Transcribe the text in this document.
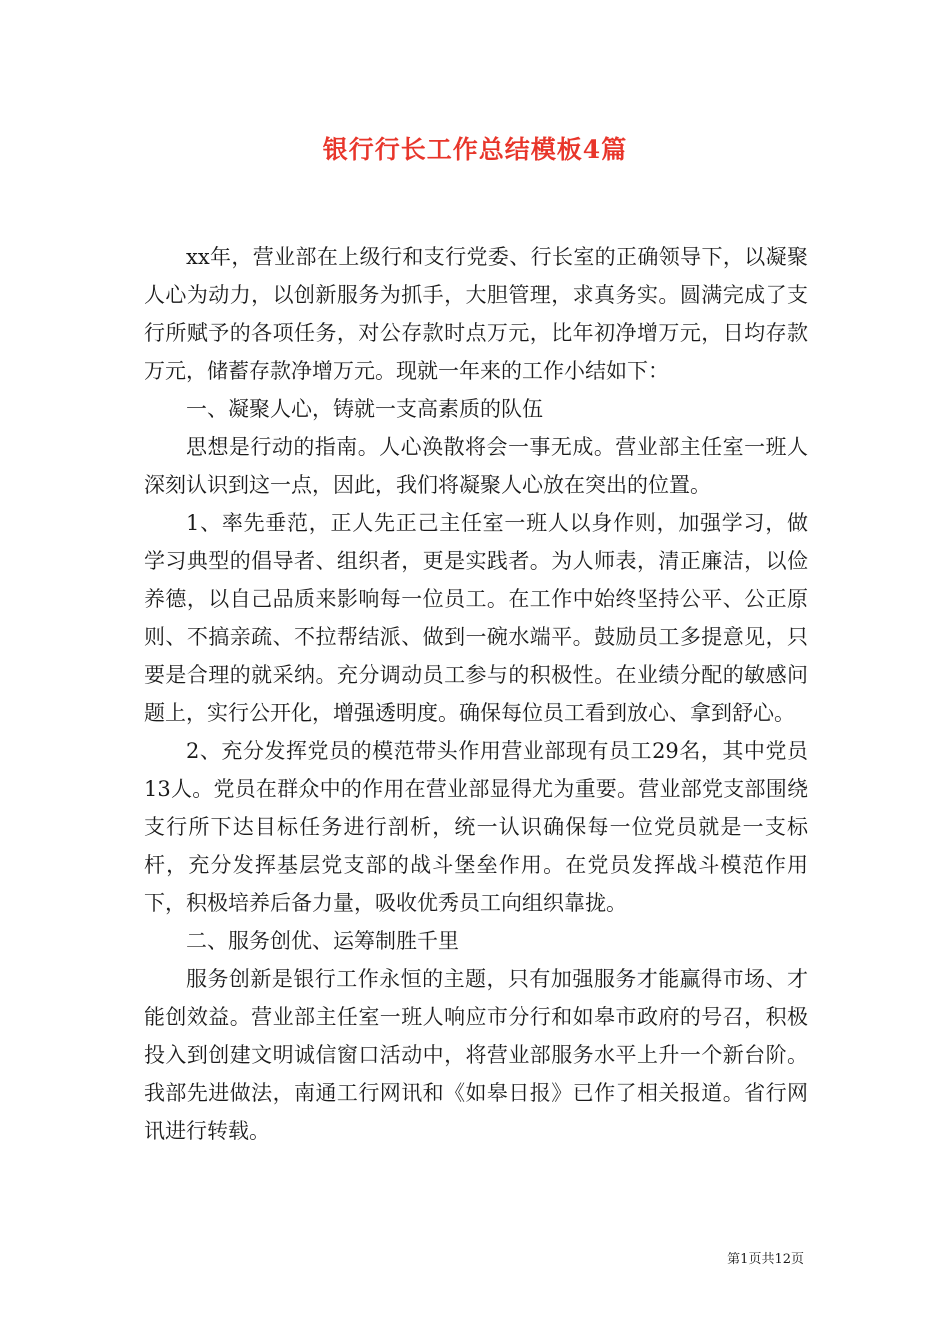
银行行长工作总结模板4篇

xx年，营业部在上级行和支行党委、行长室的正确领导下，以凝聚人心为动力，以创新服务为抓手，大胆管理，求真务实。圆满完成了支行所赋予的各项任务，对公存款时点万元，比年初净增万元，日均存款万元，储蓄存款净增万元。现就一年来的工作小结如下：

一、凝聚人心，铸就一支高素质的队伍

思想是行动的指南。人心涣散将会一事无成。营业部主任室一班人深刻认识到这一点，因此，我们将凝聚人心放在突出的位置。

1、率先垂范，正人先正己主任室一班人以身作则，加强学习，做学习典型的倡导者、组织者，更是实践者。为人师表，清正廉洁，以俭养德，以自己品质来影响每一位员工。在工作中始终坚持公平、公正原则、不搞亲疏、不拉帮结派、做到一碗水端平。鼓励员工多提意见，只要是合理的就采纳。充分调动员工参与的积极性。在业绩分配的敏感问题上，实行公开化，增强透明度。确保每位员工看到放心、拿到舒心。

2、充分发挥党员的模范带头作用营业部现有员工29名，其中党员13人。党员在群众中的作用在营业部显得尤为重要。营业部党支部围绕支行所下达目标任务进行剖析，统一认识确保每一位党员就是一支标杆，充分发挥基层党支部的战斗堡垒作用。在党员发挥战斗模范作用下，积极培养后备力量，吸收优秀员工向组织靠拢。

二、服务创优、运筹制胜千里

服务创新是银行工作永恒的主题，只有加强服务才能赢得市场、才能创效益。营业部主任室一班人响应市分行和如皋市政府的号召，积极投入到创建文明诚信窗口活动中，将营业部服务水平上升一个新台阶。我部先进做法，南通工行网讯和《如皋日报》已作了相关报道。省行网讯进行转载。

第1页共12页
